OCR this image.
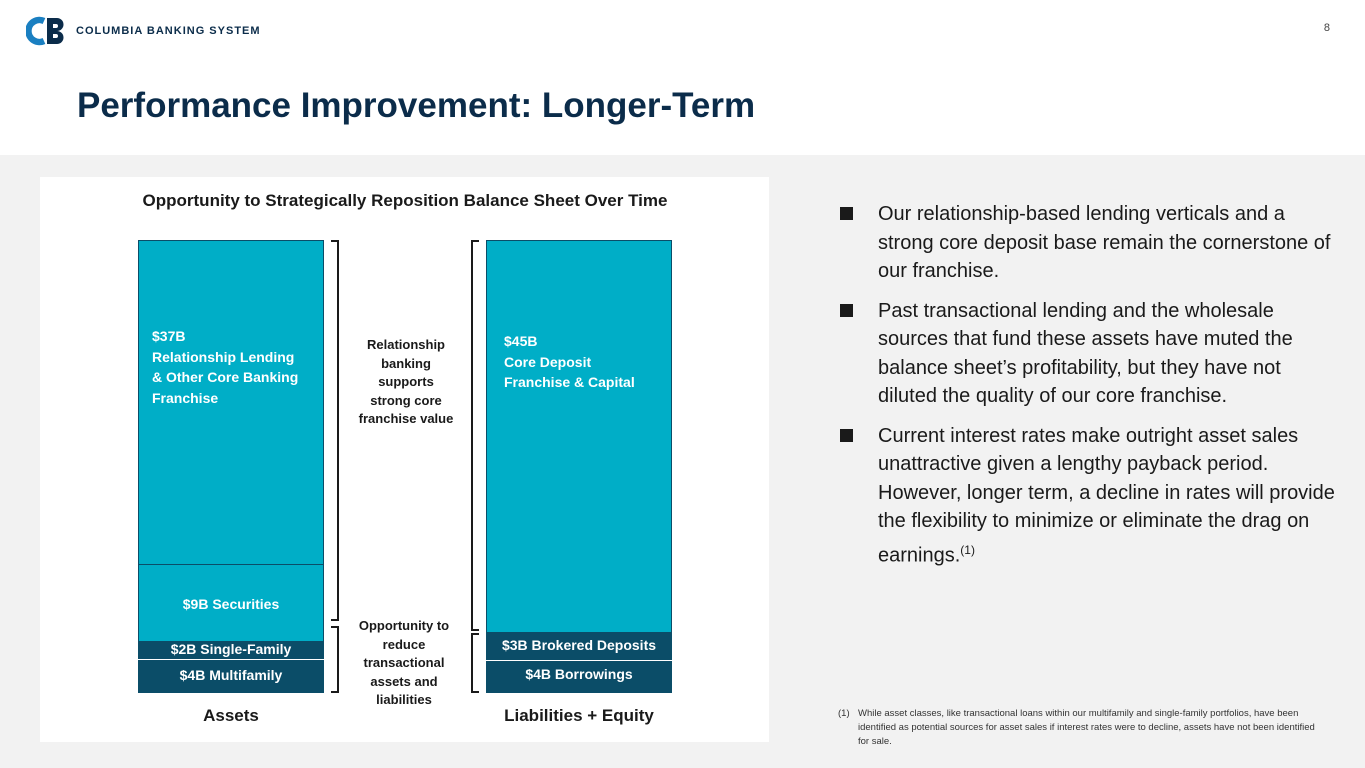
COLUMBIA BANKING SYSTEM	8
Performance Improvement: Longer-Term
Opportunity to Strategically Reposition Balance Sheet Over Time
$37B
Relationship Lending
& Other Core Banking
Franchise
$9B Securities
$2B Single-Family
$4B Multifamily
$45B
Core Deposit
Franchise & Capital
$3B Brokered Deposits
$4B Borrowings
Relationship banking supports strong core franchise value
Opportunity to reduce transactional assets and liabilities
Assets	Liabilities + Equity
Our relationship-based lending verticals and a strong core deposit base remain the cornerstone of our franchise.
Past transactional lending and the wholesale sources that fund these assets have muted the balance sheet’s profitability, but they have not diluted the quality of our core franchise.
Current interest rates make outright asset sales unattractive given a lengthy payback period. However, longer term, a decline in rates will provide the flexibility to minimize or eliminate the drag on earnings.$^{(1)}$
(1) While asset classes, like transactional loans within our multifamily and single-family portfolios, have been identified as potential sources for asset sales if interest rates were to decline, assets have not been identified for sale.
